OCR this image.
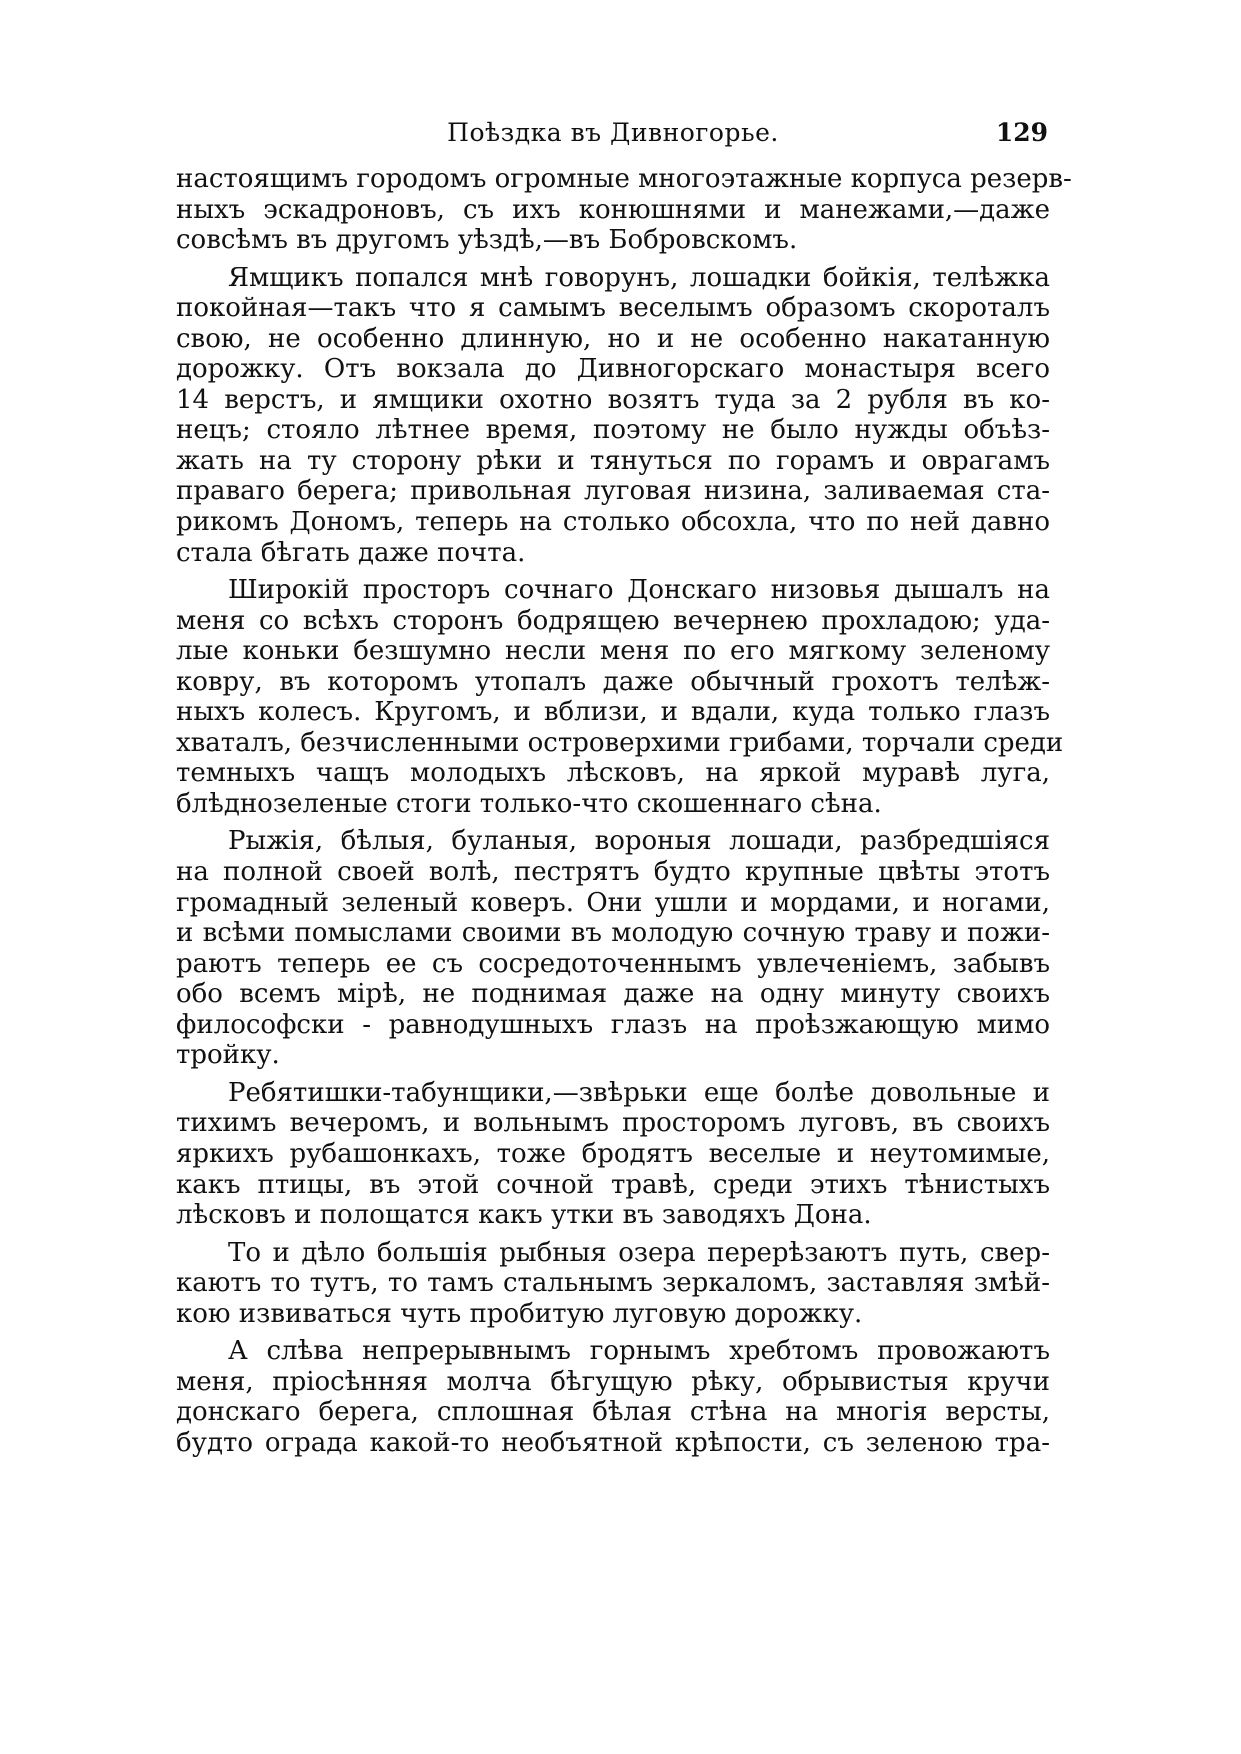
Поѣздка въ Дивногорье.	129
настоящимъ городомъ огромные многоэтажные корпуса резерв-
ныхъ эскадроновъ, съ ихъ конюшнями и манежами,—даже
совсѣмъ въ другомъ уѣздѣ,—въ Бобровскомъ.
Ямщикъ попался мнѣ говорунъ, лошадки бойкія, телѣжка
покойная—такъ что я самымъ веселымъ образомъ скороталъ
свою, не особенно длинную, но и не особенно накатанную
дорожку. Отъ вокзала до Дивногорскаго монастыря всего
14 верстъ, и ямщики охотно возятъ туда за 2 рубля въ ко-
нецъ; стояло лѣтнее время, поэтому не было нужды объѣз-
жать на ту сторону рѣки и тянуться по горамъ и оврагамъ
праваго берега; привольная луговая низина, заливаемая ста-
рикомъ Дономъ, теперь на столько обсохла, что по ней давно
стала бѣгать даже почта.
Широкій просторъ сочнаго Донскаго низовья дышалъ на
меня со всѣхъ сторонъ бодрящею вечернею прохладою; уда-
лые коньки безшумно несли меня по его мягкому зеленому
ковру, въ которомъ утопалъ даже обычный грохотъ телѣж-
ныхъ колесъ. Кругомъ, и вблизи, и вдали, куда только глазъ
хваталъ, безчисленными островерхими грибами, торчали среди
темныхъ чащъ молодыхъ лѣсковъ, на яркой муравѣ луга,
блѣднозеленые стоги только-что скошеннаго сѣна.
Рыжія, бѣлыя, буланыя, вороныя лошади, разбредшіяся
на полной своей волѣ, пестрятъ будто крупные цвѣты этотъ
громадный зеленый коверъ. Они ушли и мордами, и ногами,
и всѣми помыслами своими въ молодую сочную траву и пожи-
раютъ теперь ее съ сосредоточеннымъ увлеченіемъ, забывъ
обо всемъ мірѣ, не поднимая даже на одну минуту своихъ
философски - равнодушныхъ глазъ на проѣзжающую мимо
тройку.
Ребятишки-табунщики,—звѣрьки еще болѣе довольные и
тихимъ вечеромъ, и вольнымъ просторомъ луговъ, въ своихъ
яркихъ рубашонкахъ, тоже бродятъ веселые и неутомимые,
какъ птицы, въ этой сочной травѣ, среди этихъ тѣнистыхъ
лѣсковъ и полощатся какъ утки въ заводяхъ Дона.
То и дѣло большія рыбныя озера перерѣзаютъ путь, свер-
каютъ то тутъ, то тамъ стальнымъ зеркаломъ, заставляя змѣй-
кою извиваться чуть пробитую луговую дорожку.
А слѣва непрерывнымъ горнымъ хребтомъ провожаютъ
меня, пріосѣнняя молча бѣгущую рѣку, обрывистыя кручи
донскаго берега, сплошная бѣлая стѣна на многія версты,
будто ограда какой-то необъятной крѣпости, съ зеленою тра-
